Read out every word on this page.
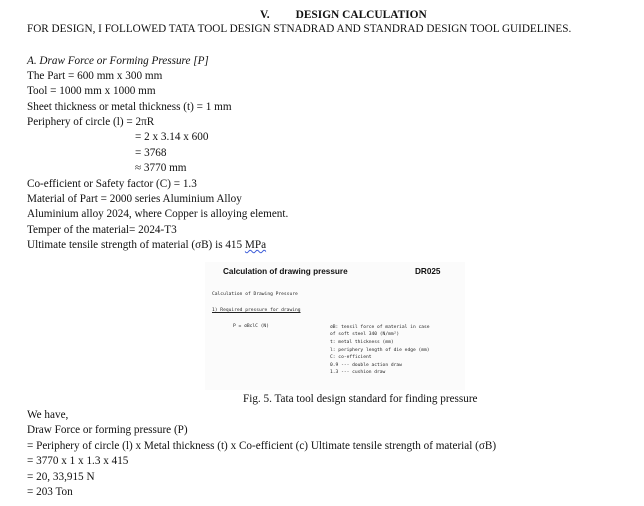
V. DESIGN CALCULATION
FOR DESIGN, I FOLLOWED TATA TOOL DESIGN STNADRAD AND STANDRAD DESIGN TOOL GUIDELINES.
A. Draw Force or Forming Pressure [P]
The Part = 600 mm x 300 mm
Tool = 1000 mm x 1000 mm
Sheet thickness or metal thickness (t) = 1 mm
Periphery of circle (l) = 2πR
= 2 x 3.14 x 600
= 3768
≈ 3770 mm
Co-efficient or Safety factor (C) = 1.3
Material of Part = 2000 series Aluminium Alloy
Aluminium alloy 2024, where Copper is alloying element.
Temper of the material= 2024-T3
Ultimate tensile strength of material (σB) is 415 MPa
Calculation of drawing pressure	DR025
Calculation of Drawing Pressure
1) Required pressure for drawing
P = σBclC (N)	σB: tensil force of material in case
of soft steel 340 (N/mm²)
t: metal thickness (mm)
l: periphery length of die edge (mm)
C: co-efficient
0.9 --- double action draw
1.3 --- cushion draw
Fig. 5. Tata tool design standard for finding pressure
We have,
Draw Force or forming pressure (P)
= Periphery of circle (l) x Metal thickness (t) x Co-efficient (c) Ultimate tensile strength of material (σB)
= 3770 x 1 x 1.3 x 415
= 20, 33,915 N
= 203 Ton
